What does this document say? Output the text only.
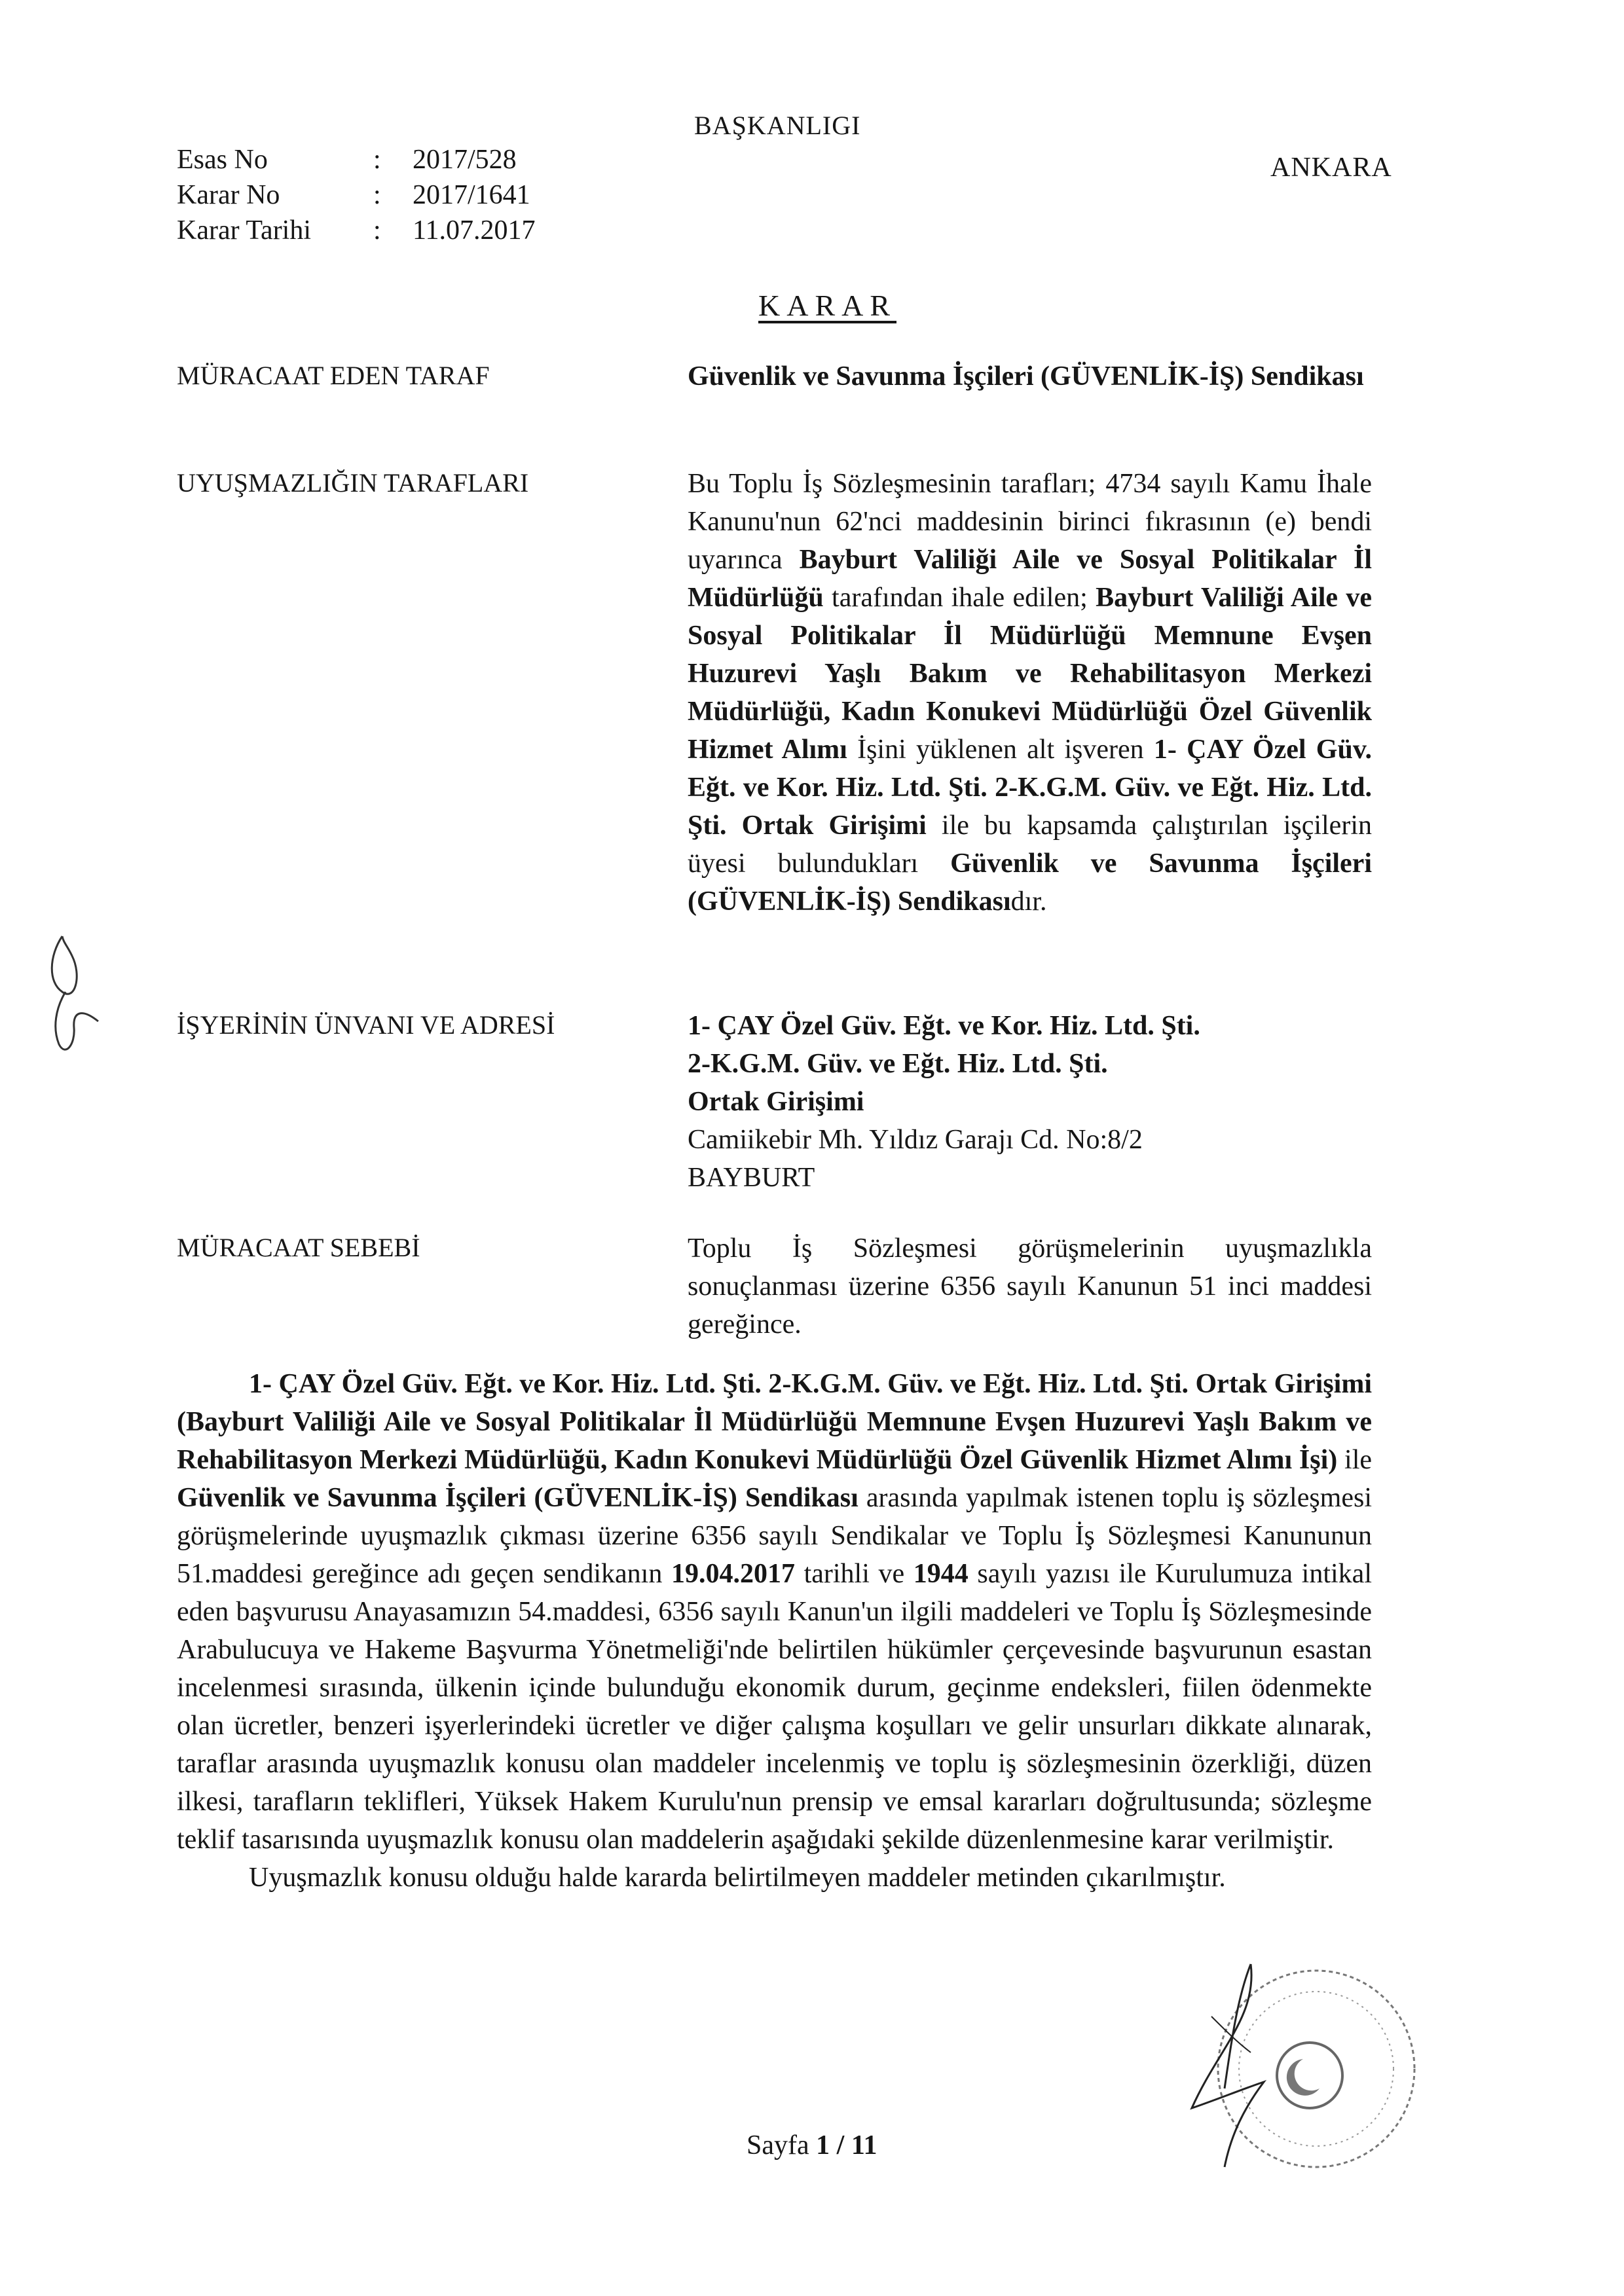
Esas No	: 2017/528
Karar No	: 2017/1641
Karar Tarihi : 11.07.2017
BAŞKANLIGI
ANKARA
KARAR
MÜRACAAT EDEN TARAF	Güvenlik ve Savunma İşçileri (GÜVENLİK-İŞ) Sendikası
UYUŞMAZLIĞIN TARAFLARI	Bu Toplu İş Sözleşmesinin tarafları; 4734 sayılı Kamu İhale Kanunu'nun 62'nci maddesinin birinci fıkrasının (e) bendi uyarınca Bayburt Valiliği Aile ve Sosyal Politikalar İl Müdürlüğü tarafından ihale edilen; Bayburt Valiliği Aile ve Sosyal Politikalar İl Müdürlüğü Memnune Evşen Huzurevi Yaşlı Bakım ve Rehabilitasyon Merkezi Müdürlüğü, Kadın Konukevi Müdürlüğü Özel Güvenlik Hizmet Alımı İşini yüklenen alt işveren 1- ÇAY Özel Güv. Eğt. ve Kor. Hiz. Ltd. Şti. 2-K.G.M. Güv. ve Eğt. Hiz. Ltd. Şti. Ortak Girişimi ile bu kapsamda çalıştırılan işçilerin üyesi bulundukları Güvenlik ve Savunma İşçileri (GÜVENLİK-İŞ) Sendikasıdır.
İŞYERİNİN ÜNVANI VE ADRESİ	1- ÇAY Özel Güv. Eğt. ve Kor. Hiz. Ltd. Şti.
2-K.G.M. Güv. ve Eğt. Hiz. Ltd. Şti.
Ortak Girişimi
Camiikebir Mh. Yıldız Garajı Cd. No:8/2
BAYBURT
MÜRACAAT SEBEBİ	Toplu İş Sözleşmesi görüşmelerinin uyuşmazlıkla sonuçlanması üzerine 6356 sayılı Kanunun 51 inci maddesi gereğince.

1- ÇAY Özel Güv. Eğt. ve Kor. Hiz. Ltd. Şti. 2-K.G.M. Güv. ve Eğt. Hiz. Ltd. Şti. Ortak Girişimi (Bayburt Valiliği Aile ve Sosyal Politikalar İl Müdürlüğü Memnune Evşen Huzurevi Yaşlı Bakım ve Rehabilitasyon Merkezi Müdürlüğü, Kadın Konukevi Müdürlüğü Özel Güvenlik Hizmet Alımı İşi) ile Güvenlik ve Savunma İşçileri (GÜVENLİK-İŞ) Sendikası arasında yapılmak istenen toplu iş sözleşmesi görüşmelerinde uyuşmazlık çıkması üzerine 6356 sayılı Sendikalar ve Toplu İş Sözleşmesi Kanununun 51.maddesi gereğince adı geçen sendikanın 19.04.2017 tarihli ve 1944 sayılı yazısı ile Kurulumuza intikal eden başvurusu Anayasamızın 54.maddesi, 6356 sayılı Kanun'un ilgili maddeleri ve Toplu İş Sözleşmesinde Arabulucuya ve Hakeme Başvurma Yönetmeliği'nde belirtilen hükümler çerçevesinde başvurunun esastan incelenmesi sırasında, ülkenin içinde bulunduğu ekonomik durum, geçinme endeksleri, fiilen ödenmekte olan ücretler, benzeri işyerlerindeki ücretler ve diğer çalışma koşulları ve gelir unsurları dikkate alınarak, taraflar arasında uyuşmazlık konusu olan maddeler incelenmiş ve toplu iş sözleşmesinin özerkliği, düzen ilkesi, tarafların teklifleri, Yüksek Hakem Kurulu'nun prensip ve emsal kararları doğrultusunda; sözleşme teklif tasarısında uyuşmazlık konusu olan maddelerin aşağıdaki şekilde düzenlenmesine karar verilmiştir.

Uyuşmazlık konusu olduğu halde kararda belirtilmeyen maddeler metinden çıkarılmıştır.

Sayfa 1 / 11
